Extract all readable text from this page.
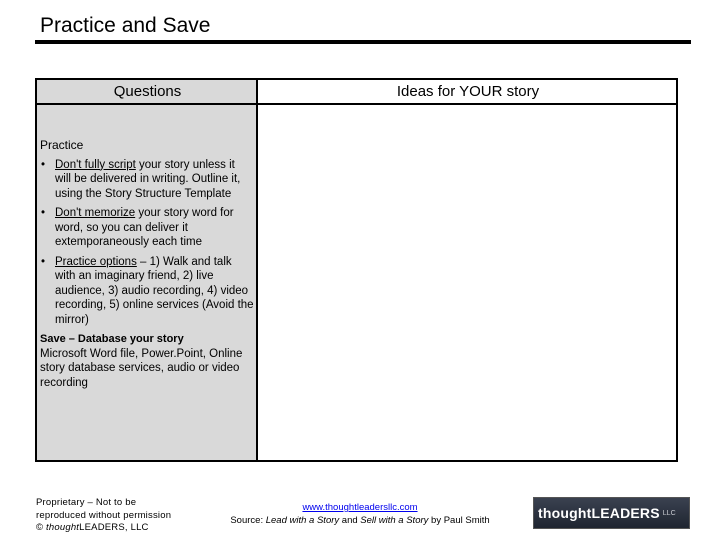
Practice and Save
Questions	Ideas for YOUR story
Practice
• Don't fully script your story unless it will be delivered in writing. Outline it, using the Story Structure Template
• Don't memorize your story word for word, so you can deliver it extemporaneously each time
• Practice options – 1) Walk and talk with an imaginary friend, 2) live audience, 3) audio recording, 4) video recording, 5) online services (Avoid the mirror)
Save – Database your story
Microsoft Word file, Power.Point, Online story database services, audio or video recording
Proprietary – Not to be
reproduced without permission
© thoughtLEADERS, LLC
www.thoughtleadersllc.com
Source: Lead with a Story and Sell with a Story by Paul Smith	thoughtLEADERS LLC
